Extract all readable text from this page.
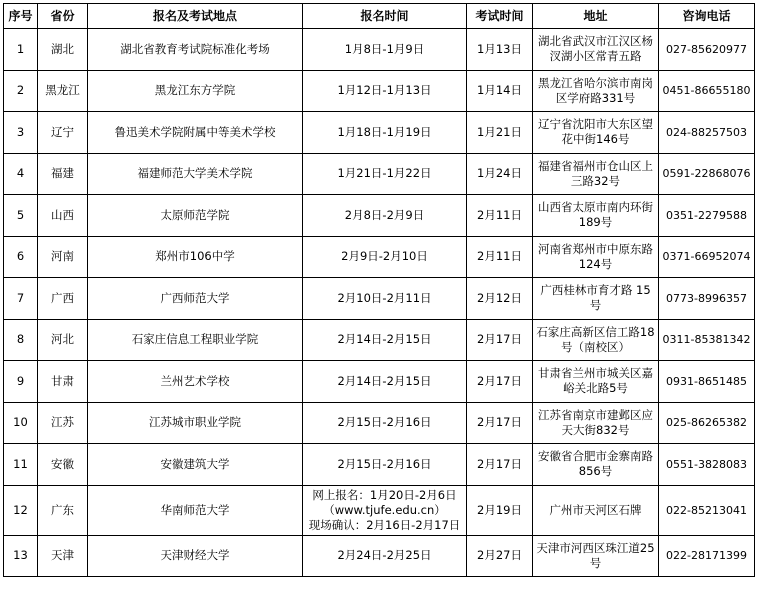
序号	省份	报名及考试地点	报名时间	考试时间	地址	咨询电话
1	湖北	湖北省教育考试院标准化考场	1月8日-1月9日	1月13日	湖北省武汉市江汉区杨汊湖小区常青五路	027-85620977
2	黑龙江	黑龙江东方学院	1月12日-1月13日	1月14日	黑龙江省哈尔滨市南岗区学府路331号	0451-86655180
3	辽宁	鲁迅美术学院附属中等美术学校	1月18日-1月19日	1月21日	辽宁省沈阳市大东区望花中街146号	024-88257503
4	福建	福建师范大学美术学院	1月21日-1月22日	1月24日	福建省福州市仓山区上三路32号	0591-22868076
5	山西	太原师范学院	2月8日-2月9日	2月11日	山西省太原市南内环街189号	0351-2279588
6	河南	郑州市106中学	2月9日-2月10日	2月11日	河南省郑州市中原东路124号	0371-66952074
7	广西	广西师范大学	2月10日-2月11日	2月12日	广西桂林市育才路 15号	0773-8996357
8	河北	石家庄信息工程职业学院	2月14日-2月15日	2月17日	石家庄高新区信工路18号（南校区）	0311-85381342
9	甘肃	兰州艺术学校	2月14日-2月15日	2月17日	甘肃省兰州市城关区嘉峪关北路5号	0931-8651485
10	江苏	江苏城市职业学院	2月15日-2月16日	2月17日	江苏省南京市建邺区应天大街832号	025-86265382
11	安徽	安徽建筑大学	2月15日-2月16日	2月17日	安徽省合肥市金寨南路856号	0551-3828083
12	广东	华南师范大学	网上报名：1月20日-2月6日
（www.tjufe.edu.cn）
现场确认：2月16日-2月17日	2月19日	广州市天河区石牌	022-85213041
13	天津	天津财经大学	2月24日-2月25日	2月27日	天津市河西区珠江道25号	022-28171399
